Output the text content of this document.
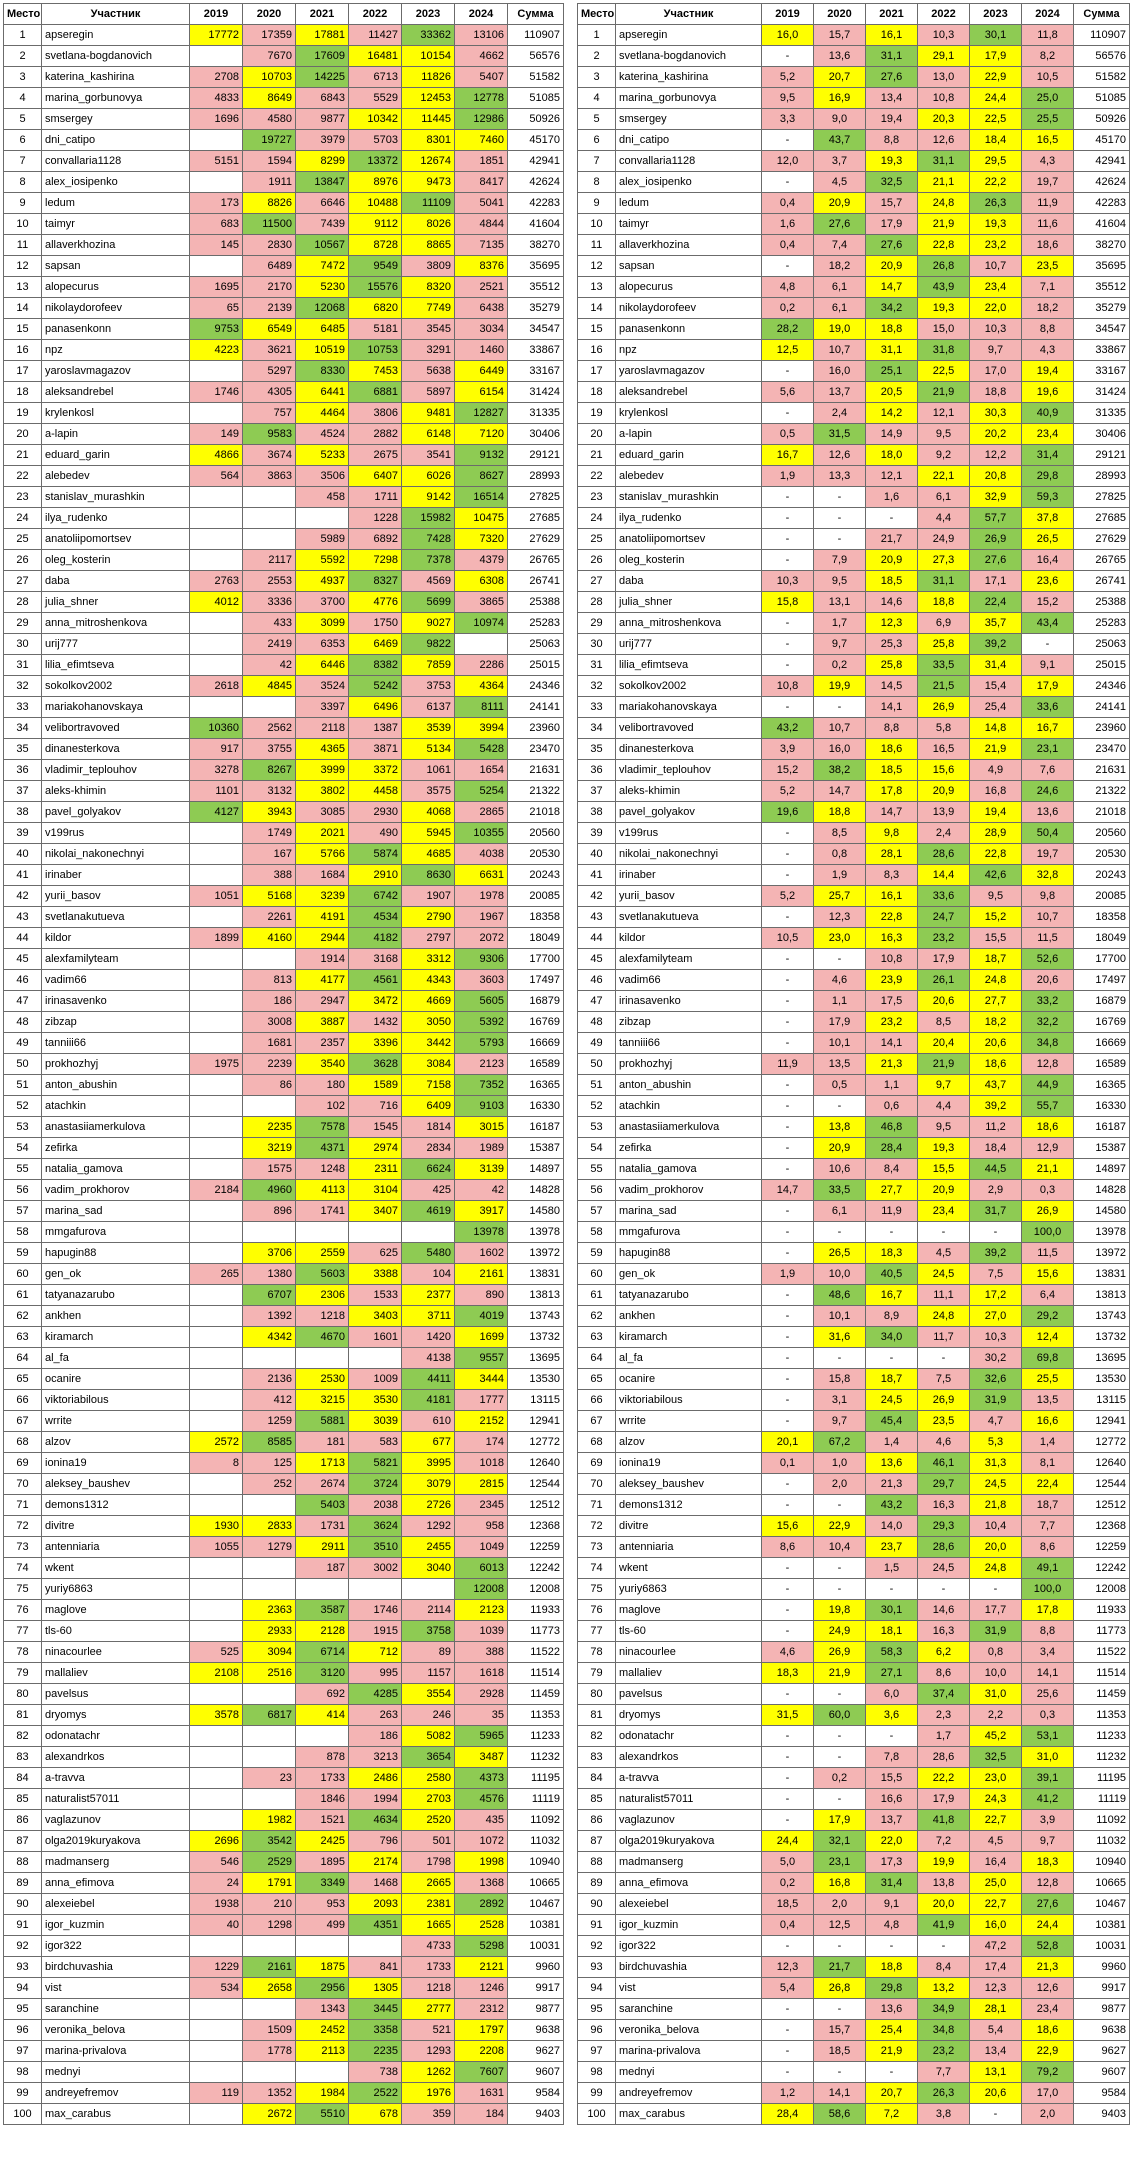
Место	Участник	2019	2020	2021	2022	2023	2024	Сумма
1	apseregin	17772	17359	17881	11427	33362	13106	110907
2	svetlana-bogdanovich		7670	17609	16481	10154	4662	56576
3	katerina_kashirina	2708	10703	14225	6713	11826	5407	51582
4	marina_gorbunovya	4833	8649	6843	5529	12453	12778	51085
5	smsergey	1696	4580	9877	10342	11445	12986	50926
6	dni_catipo		19727	3979	5703	8301	7460	45170
7	convallaria1128	5151	1594	8299	13372	12674	1851	42941
8	alex_iosipenko		1911	13847	8976	9473	8417	42624
9	ledum	173	8826	6646	10488	11109	5041	42283
10	taimyr	683	11500	7439	9112	8026	4844	41604
11	allaverkhozina	145	2830	10567	8728	8865	7135	38270
12	sapsan		6489	7472	9549	3809	8376	35695
13	alopecurus	1695	2170	5230	15576	8320	2521	35512
14	nikolaydorofeev	65	2139	12068	6820	7749	6438	35279
15	panasenkonn	9753	6549	6485	5181	3545	3034	34547
16	npz	4223	3621	10519	10753	3291	1460	33867
17	yaroslavmagazov		5297	8330	7453	5638	6449	33167
18	aleksandrebel	1746	4305	6441	6881	5897	6154	31424
19	krylenkosl		757	4464	3806	9481	12827	31335
20	a-lapin	149	9583	4524	2882	6148	7120	30406
21	eduard_garin	4866	3674	5233	2675	3541	9132	29121
22	alebedev	564	3863	3506	6407	6026	8627	28993
23	stanislav_murashkin			458	1711	9142	16514	27825
24	ilya_rudenko				1228	15982	10475	27685
25	anatoliipomortsev			5989	6892	7428	7320	27629
26	oleg_kosterin		2117	5592	7298	7378	4379	26765
27	daba	2763	2553	4937	8327	4569	6308	26741
28	julia_shner	4012	3336	3700	4776	5699	3865	25388
29	anna_mitroshenkova		433	3099	1750	9027	10974	25283
30	urij777		2419	6353	6469	9822		25063
31	lilia_efimtseva		42	6446	8382	7859	2286	25015
32	sokolkov2002	2618	4845	3524	5242	3753	4364	24346
33	mariakohanovskaya			3397	6496	6137	8111	24141
34	velibortravoved	10360	2562	2118	1387	3539	3994	23960
35	dinanesterkova	917	3755	4365	3871	5134	5428	23470
36	vladimir_teplouhov	3278	8267	3999	3372	1061	1654	21631
37	aleks-khimin	1101	3132	3802	4458	3575	5254	21322
38	pavel_golyakov	4127	3943	3085	2930	4068	2865	21018
39	v199rus		1749	2021	490	5945	10355	20560
40	nikolai_nakonechnyi		167	5766	5874	4685	4038	20530
41	irinaber		388	1684	2910	8630	6631	20243
42	yurii_basov	1051	5168	3239	6742	1907	1978	20085
43	svetlanakutueva		2261	4191	4534	2790	1967	18358
44	kildor	1899	4160	2944	4182	2797	2072	18049
45	alexfamilyteam			1914	3168	3312	9306	17700
46	vadim66		813	4177	4561	4343	3603	17497
47	irinasavenko		186	2947	3472	4669	5605	16879
48	zibzap		3008	3887	1432	3050	5392	16769
49	tanniii66		1681	2357	3396	3442	5793	16669
50	prokhozhyj	1975	2239	3540	3628	3084	2123	16589
51	anton_abushin		86	180	1589	7158	7352	16365
52	atachkin			102	716	6409	9103	16330
53	anastasiiamerkulova		2235	7578	1545	1814	3015	16187
54	zefirka		3219	4371	2974	2834	1989	15387
55	natalia_gamova		1575	1248	2311	6624	3139	14897
56	vadim_prokhorov	2184	4960	4113	3104	425	42	14828
57	marina_sad		896	1741	3407	4619	3917	14580
58	mmgafurova						13978	13978
59	hapugin88		3706	2559	625	5480	1602	13972
60	gen_ok	265	1380	5603	3388	104	2161	13831
61	tatyanazarubo		6707	2306	1533	2377	890	13813
62	ankhen		1392	1218	3403	3711	4019	13743
63	kiramarch		4342	4670	1601	1420	1699	13732
64	al_fa					4138	9557	13695
65	ocanire		2136	2530	1009	4411	3444	13530
66	viktoriabilous		412	3215	3530	4181	1777	13115
67	wrrite		1259	5881	3039	610	2152	12941
68	alzov	2572	8585	181	583	677	174	12772
69	ionina19	8	125	1713	5821	3995	1018	12640
70	aleksey_baushev		252	2674	3724	3079	2815	12544
71	demons1312			5403	2038	2726	2345	12512
72	divitre	1930	2833	1731	3624	1292	958	12368
73	antenniaria	1055	1279	2911	3510	2455	1049	12259
74	wkent			187	3002	3040	6013	12242
75	yuriy6863						12008	12008
76	maglove		2363	3587	1746	2114	2123	11933
77	tls-60		2933	2128	1915	3758	1039	11773
78	ninacourlee	525	3094	6714	712	89	388	11522
79	mallaliev	2108	2516	3120	995	1157	1618	11514
80	pavelsus			692	4285	3554	2928	11459
81	dryomys	3578	6817	414	263	246	35	11353
82	odonatachr				186	5082	5965	11233
83	alexandrkos			878	3213	3654	3487	11232
84	a-travva		23	1733	2486	2580	4373	11195
85	naturalist57011			1846	1994	2703	4576	11119
86	vaglazunov		1982	1521	4634	2520	435	11092
87	olga2019kuryakova	2696	3542	2425	796	501	1072	11032
88	madmanserg	546	2529	1895	2174	1798	1998	10940
89	anna_efimova	24	1791	3349	1468	2665	1368	10665
90	alexeiebel	1938	210	953	2093	2381	2892	10467
91	igor_kuzmin	40	1298	499	4351	1665	2528	10381
92	igor322					4733	5298	10031
93	birdchuvashia	1229	2161	1875	841	1733	2121	9960
94	vist	534	2658	2956	1305	1218	1246	9917
95	saranchine			1343	3445	2777	2312	9877
96	veronika_belova		1509	2452	3358	521	1797	9638
97	marina-privalova		1778	2113	2235	1293	2208	9627
98	mednyi				738	1262	7607	9607
99	andreyefremov	119	1352	1984	2522	1976	1631	9584
100	max_carabus		2672	5510	678	359	184	9403
Место	Участник	2019	2020	2021	2022	2023	2024	Сумма
1	apseregin	16,0	15,7	16,1	10,3	30,1	11,8	110907
2	svetlana-bogdanovich	-	13,6	31,1	29,1	17,9	8,2	56576
3	katerina_kashirina	5,2	20,7	27,6	13,0	22,9	10,5	51582
4	marina_gorbunovya	9,5	16,9	13,4	10,8	24,4	25,0	51085
5	smsergey	3,3	9,0	19,4	20,3	22,5	25,5	50926
6	dni_catipo	-	43,7	8,8	12,6	18,4	16,5	45170
7	convallaria1128	12,0	3,7	19,3	31,1	29,5	4,3	42941
8	alex_iosipenko	-	4,5	32,5	21,1	22,2	19,7	42624
9	ledum	0,4	20,9	15,7	24,8	26,3	11,9	42283
10	taimyr	1,6	27,6	17,9	21,9	19,3	11,6	41604
11	allaverkhozina	0,4	7,4	27,6	22,8	23,2	18,6	38270
12	sapsan	-	18,2	20,9	26,8	10,7	23,5	35695
13	alopecurus	4,8	6,1	14,7	43,9	23,4	7,1	35512
14	nikolaydorofeev	0,2	6,1	34,2	19,3	22,0	18,2	35279
15	panasenkonn	28,2	19,0	18,8	15,0	10,3	8,8	34547
16	npz	12,5	10,7	31,1	31,8	9,7	4,3	33867
17	yaroslavmagazov	-	16,0	25,1	22,5	17,0	19,4	33167
18	aleksandrebel	5,6	13,7	20,5	21,9	18,8	19,6	31424
19	krylenkosl	-	2,4	14,2	12,1	30,3	40,9	31335
20	a-lapin	0,5	31,5	14,9	9,5	20,2	23,4	30406
21	eduard_garin	16,7	12,6	18,0	9,2	12,2	31,4	29121
22	alebedev	1,9	13,3	12,1	22,1	20,8	29,8	28993
23	stanislav_murashkin	-	-	1,6	6,1	32,9	59,3	27825
24	ilya_rudenko	-	-	-	4,4	57,7	37,8	27685
25	anatoliipomortsev	-	-	21,7	24,9	26,9	26,5	27629
26	oleg_kosterin	-	7,9	20,9	27,3	27,6	16,4	26765
27	daba	10,3	9,5	18,5	31,1	17,1	23,6	26741
28	julia_shner	15,8	13,1	14,6	18,8	22,4	15,2	25388
29	anna_mitroshenkova	-	1,7	12,3	6,9	35,7	43,4	25283
30	urij777	-	9,7	25,3	25,8	39,2	-	25063
31	lilia_efimtseva	-	0,2	25,8	33,5	31,4	9,1	25015
32	sokolkov2002	10,8	19,9	14,5	21,5	15,4	17,9	24346
33	mariakohanovskaya	-	-	14,1	26,9	25,4	33,6	24141
34	velibortravoved	43,2	10,7	8,8	5,8	14,8	16,7	23960
35	dinanesterkova	3,9	16,0	18,6	16,5	21,9	23,1	23470
36	vladimir_teplouhov	15,2	38,2	18,5	15,6	4,9	7,6	21631
37	aleks-khimin	5,2	14,7	17,8	20,9	16,8	24,6	21322
38	pavel_golyakov	19,6	18,8	14,7	13,9	19,4	13,6	21018
39	v199rus	-	8,5	9,8	2,4	28,9	50,4	20560
40	nikolai_nakonechnyi	-	0,8	28,1	28,6	22,8	19,7	20530
41	irinaber	-	1,9	8,3	14,4	42,6	32,8	20243
42	yurii_basov	5,2	25,7	16,1	33,6	9,5	9,8	20085
43	svetlanakutueva	-	12,3	22,8	24,7	15,2	10,7	18358
44	kildor	10,5	23,0	16,3	23,2	15,5	11,5	18049
45	alexfamilyteam	-	-	10,8	17,9	18,7	52,6	17700
46	vadim66	-	4,6	23,9	26,1	24,8	20,6	17497
47	irinasavenko	-	1,1	17,5	20,6	27,7	33,2	16879
48	zibzap	-	17,9	23,2	8,5	18,2	32,2	16769
49	tanniii66	-	10,1	14,1	20,4	20,6	34,8	16669
50	prokhozhyj	11,9	13,5	21,3	21,9	18,6	12,8	16589
51	anton_abushin	-	0,5	1,1	9,7	43,7	44,9	16365
52	atachkin	-	-	0,6	4,4	39,2	55,7	16330
53	anastasiiamerkulova	-	13,8	46,8	9,5	11,2	18,6	16187
54	zefirka	-	20,9	28,4	19,3	18,4	12,9	15387
55	natalia_gamova	-	10,6	8,4	15,5	44,5	21,1	14897
56	vadim_prokhorov	14,7	33,5	27,7	20,9	2,9	0,3	14828
57	marina_sad	-	6,1	11,9	23,4	31,7	26,9	14580
58	mmgafurova	-	-	-	-	-	100,0	13978
59	hapugin88	-	26,5	18,3	4,5	39,2	11,5	13972
60	gen_ok	1,9	10,0	40,5	24,5	7,5	15,6	13831
61	tatyanazarubo	-	48,6	16,7	11,1	17,2	6,4	13813
62	ankhen	-	10,1	8,9	24,8	27,0	29,2	13743
63	kiramarch	-	31,6	34,0	11,7	10,3	12,4	13732
64	al_fa	-	-	-	-	30,2	69,8	13695
65	ocanire	-	15,8	18,7	7,5	32,6	25,5	13530
66	viktoriabilous	-	3,1	24,5	26,9	31,9	13,5	13115
67	wrrite	-	9,7	45,4	23,5	4,7	16,6	12941
68	alzov	20,1	67,2	1,4	4,6	5,3	1,4	12772
69	ionina19	0,1	1,0	13,6	46,1	31,3	8,1	12640
70	aleksey_baushev	-	2,0	21,3	29,7	24,5	22,4	12544
71	demons1312	-	-	43,2	16,3	21,8	18,7	12512
72	divitre	15,6	22,9	14,0	29,3	10,4	7,7	12368
73	antenniaria	8,6	10,4	23,7	28,6	20,0	8,6	12259
74	wkent	-	-	1,5	24,5	24,8	49,1	12242
75	yuriy6863	-	-	-	-	-	100,0	12008
76	maglove	-	19,8	30,1	14,6	17,7	17,8	11933
77	tls-60	-	24,9	18,1	16,3	31,9	8,8	11773
78	ninacourlee	4,6	26,9	58,3	6,2	0,8	3,4	11522
79	mallaliev	18,3	21,9	27,1	8,6	10,0	14,1	11514
80	pavelsus	-	-	6,0	37,4	31,0	25,6	11459
81	dryomys	31,5	60,0	3,6	2,3	2,2	0,3	11353
82	odonatachr	-	-	-	1,7	45,2	53,1	11233
83	alexandrkos	-	-	7,8	28,6	32,5	31,0	11232
84	a-travva	-	0,2	15,5	22,2	23,0	39,1	11195
85	naturalist57011	-	-	16,6	17,9	24,3	41,2	11119
86	vaglazunov	-	17,9	13,7	41,8	22,7	3,9	11092
87	olga2019kuryakova	24,4	32,1	22,0	7,2	4,5	9,7	11032
88	madmanserg	5,0	23,1	17,3	19,9	16,4	18,3	10940
89	anna_efimova	0,2	16,8	31,4	13,8	25,0	12,8	10665
90	alexeiebel	18,5	2,0	9,1	20,0	22,7	27,6	10467
91	igor_kuzmin	0,4	12,5	4,8	41,9	16,0	24,4	10381
92	igor322	-	-	-	-	47,2	52,8	10031
93	birdchuvashia	12,3	21,7	18,8	8,4	17,4	21,3	9960
94	vist	5,4	26,8	29,8	13,2	12,3	12,6	9917
95	saranchine	-	-	13,6	34,9	28,1	23,4	9877
96	veronika_belova	-	15,7	25,4	34,8	5,4	18,6	9638
97	marina-privalova	-	18,5	21,9	23,2	13,4	22,9	9627
98	mednyi	-	-	-	7,7	13,1	79,2	9607
99	andreyefremov	1,2	14,1	20,7	26,3	20,6	17,0	9584
100	max_carabus	28,4	58,6	7,2	3,8	-	2,0	9403
